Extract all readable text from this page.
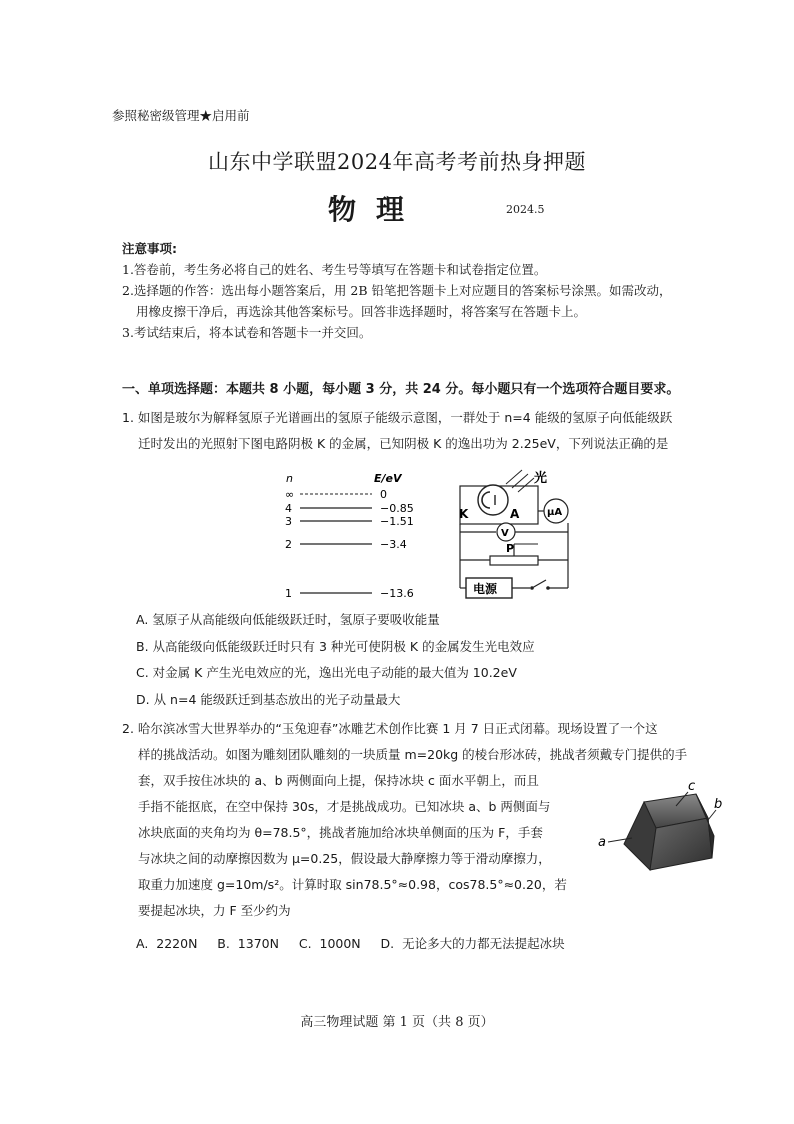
参照秘密级管理★启用前
山东中学联盟2024年高考考前热身押题
物理	2024.5
注意事项:
1.答卷前，考生务必将自己的姓名、考生号等填写在答题卡和试卷指定位置。
2.选择题的作答：选出每小题答案后，用 2B 铅笔把答题卡上对应题目的答案标号涂黑。如需改动，
用橡皮擦干净后，再选涂其他答案标号。回答非选择题时，将答案写在答题卡上。
3.考试结束后，将本试卷和答题卡一并交回。
一、单项选择题：本题共 8 小题，每小题 3 分，共 24 分。每小题只有一个选项符合题目要求。

1. 如图是玻尔为解释氢原子光谱画出的氢原子能级示意图，一群处于 n=4 能级的氢原子向低能级跃

迁时发出的光照射下图电路阴极 K 的金属，已知阴极 K 的逸出功为 2.25eV，下列说法正确的是

n	E/eV
∞	0
4	−0.85
3	−1.51
2	−3.4
1	−13.6
光
K	A	μA
V
P
电源
A. 氢原子从高能级向低能级跃迁时，氢原子要吸收能量
B. 从高能级向低能级跃迁时只有 3 种光可使阴极 K 的金属发生光电效应
C. 对金属 K 产生光电效应的光，逸出光电子动能的最大值为 10.2eV
D. 从 n=4 能级跃迁到基态放出的光子动量最大

2. 哈尔滨冰雪大世界举办的“玉兔迎春”冰雕艺术创作比赛 1 月 7 日正式闭幕。现场设置了一个这

样的挑战活动。如图为雕刻团队雕刻的一块质量 m=20kg 的棱台形冰砖，挑战者须戴专门提供的手

套，双手按住冰块的 a、b 两侧面向上提，保持冰块 c 面水平朝上，而且

手指不能抠底，在空中保持 30s，才是挑战成功。已知冰块 a、b 两侧面与

冰块底面的夹角均为 θ=78.5°，挑战者施加给冰块单侧面的压为 F，手套

与冰块之间的动摩擦因数为 μ=0.25，假设最大静摩擦力等于滑动摩擦力，

取重力加速度 g=10m/s²。计算时取 sin78.5°≈0.98，cos78.5°≈0.20，若

要提起冰块，力 F 至少约为

c
b
a
A.  2220N B.  1370N C.  1000N D.  无论多大的力都无法提起冰块
高三物理试题 第 1 页（共 8 页）
